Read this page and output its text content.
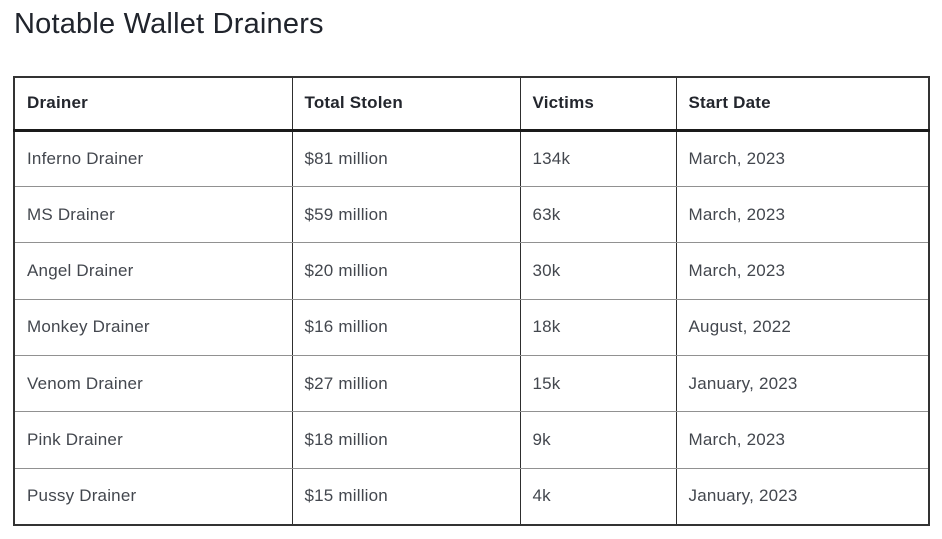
Notable Wallet Drainers
Drainer	Total Stolen	Victims	Start Date
Inferno Drainer	$81 million	134k	March, 2023
MS Drainer	$59 million	63k	March, 2023
Angel Drainer	$20 million	30k	March, 2023
Monkey Drainer	$16 million	18k	August, 2022
Venom Drainer	$27 million	15k	January, 2023
Pink Drainer	$18 million	9k	March, 2023
Pussy Drainer	$15 million	4k	January, 2023
